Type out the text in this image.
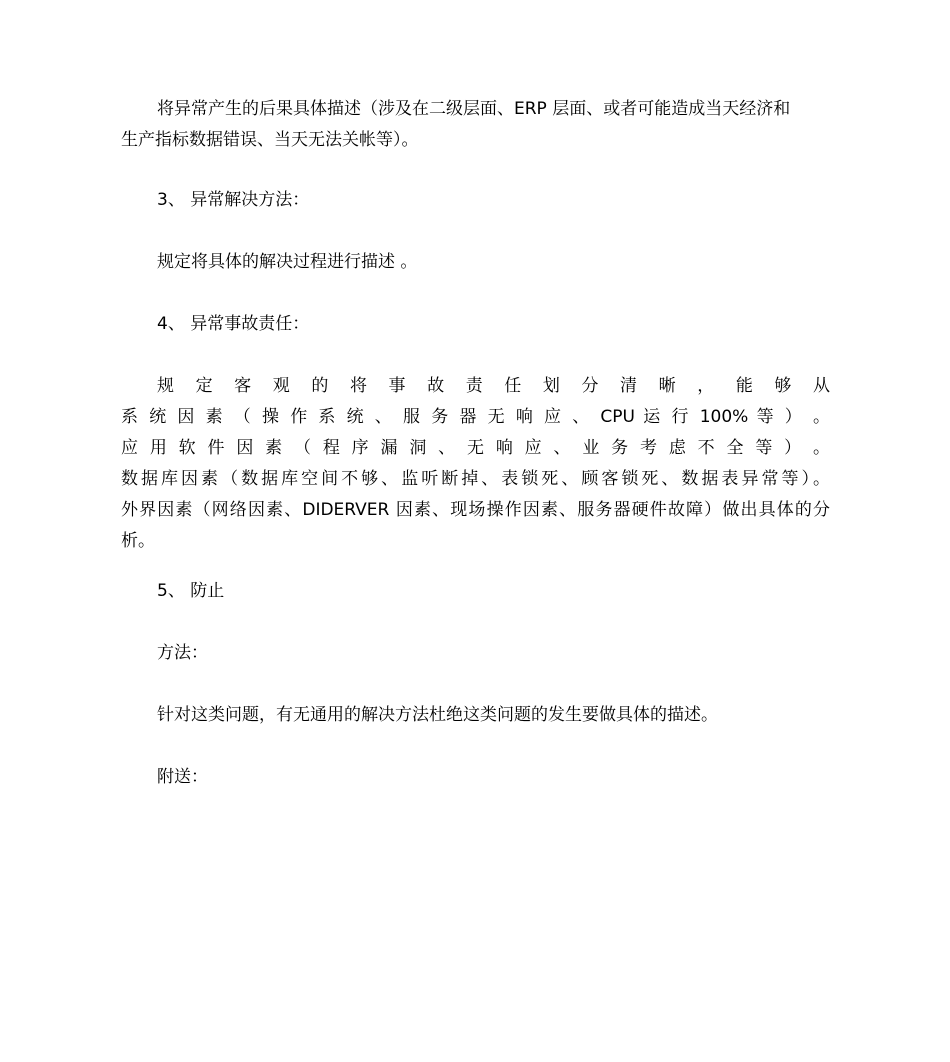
将异常产生的后果具体描述（涉及在二级层面、ERP 层面、或者可能造成当天经济和
生产指标数据错误、当天无法关帐等）。
3、 异常解决方法：
规定将具体的解决过程进行描述 。
4、 异常事故责任：
规 定 客 观 的 将 事 故 责 任 划 分 清 晰 ， 能 够 从
系 统 因 素 （ 操 作 系 统 、 服 务 器 无 响 应 、 CPU 运 行 100% 等 ） 。
应 用 软 件 因 素 （ 程 序 漏 洞 、 无 响 应 、 业 务 考 虑 不 全 等 ） 。
数据库因素（数据库空间不够、监听断掉、表锁死、顾客锁死、数据表异常等）。
外界因素（网络因素、DIDERVER 因素、现场操作因素、服务器硬件故障）做出具体的分
析。
5、 防止
方法：
针对这类问题，有无通用的解决方法杜绝这类问题的发生要做具体的描述。
附送：
